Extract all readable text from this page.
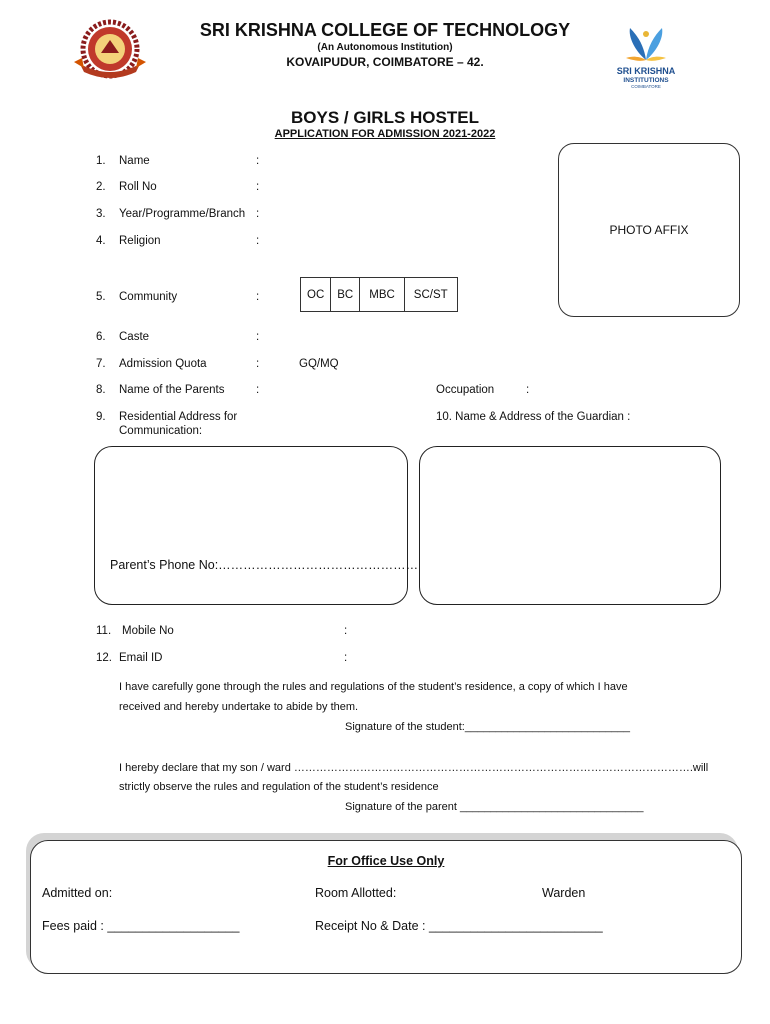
SRI KRISHNA
INSTITUTIONS
COIMBATORE
SRI KRISHNA COLLEGE OF TECHNOLOGY
(An Autonomous Institution)
KOVAIPUDUR, COIMBATORE – 42.
BOYS / GIRLS HOSTEL
APPLICATION FOR ADMISSION 2021-2022
PHOTO AFFIX
1.	Name	:
2.	Roll No	:
3.	Year/Programme/Branch :
4.	Religion	:
5.	Community	:	OC	BC	MBC	SC/ST
6.	Caste	:
7.	Admission Quota	:	GQ/MQ
8.	Name of the Parents	:	Occupation	:
9.	Residential Address for
Communication:
10. Name & Address of the Guardian :
Parent’s Phone No:…………………………………………
11. Mobile No	:
12. Email ID	:
I have carefully gone through the rules and regulations of the student’s residence, a copy of which I have
received and hereby undertake to abide by them.
Signature of the student:___________________________
I hereby declare that my son / ward ……………………………………………………………………………………………….will
strictly observe the rules and regulation of the student’s residence
Signature of the parent ______________________________
For Office Use Only
Admitted on:	Room Allotted:	Warden
Fees paid : ___________________	Receipt No & Date : _________________________
